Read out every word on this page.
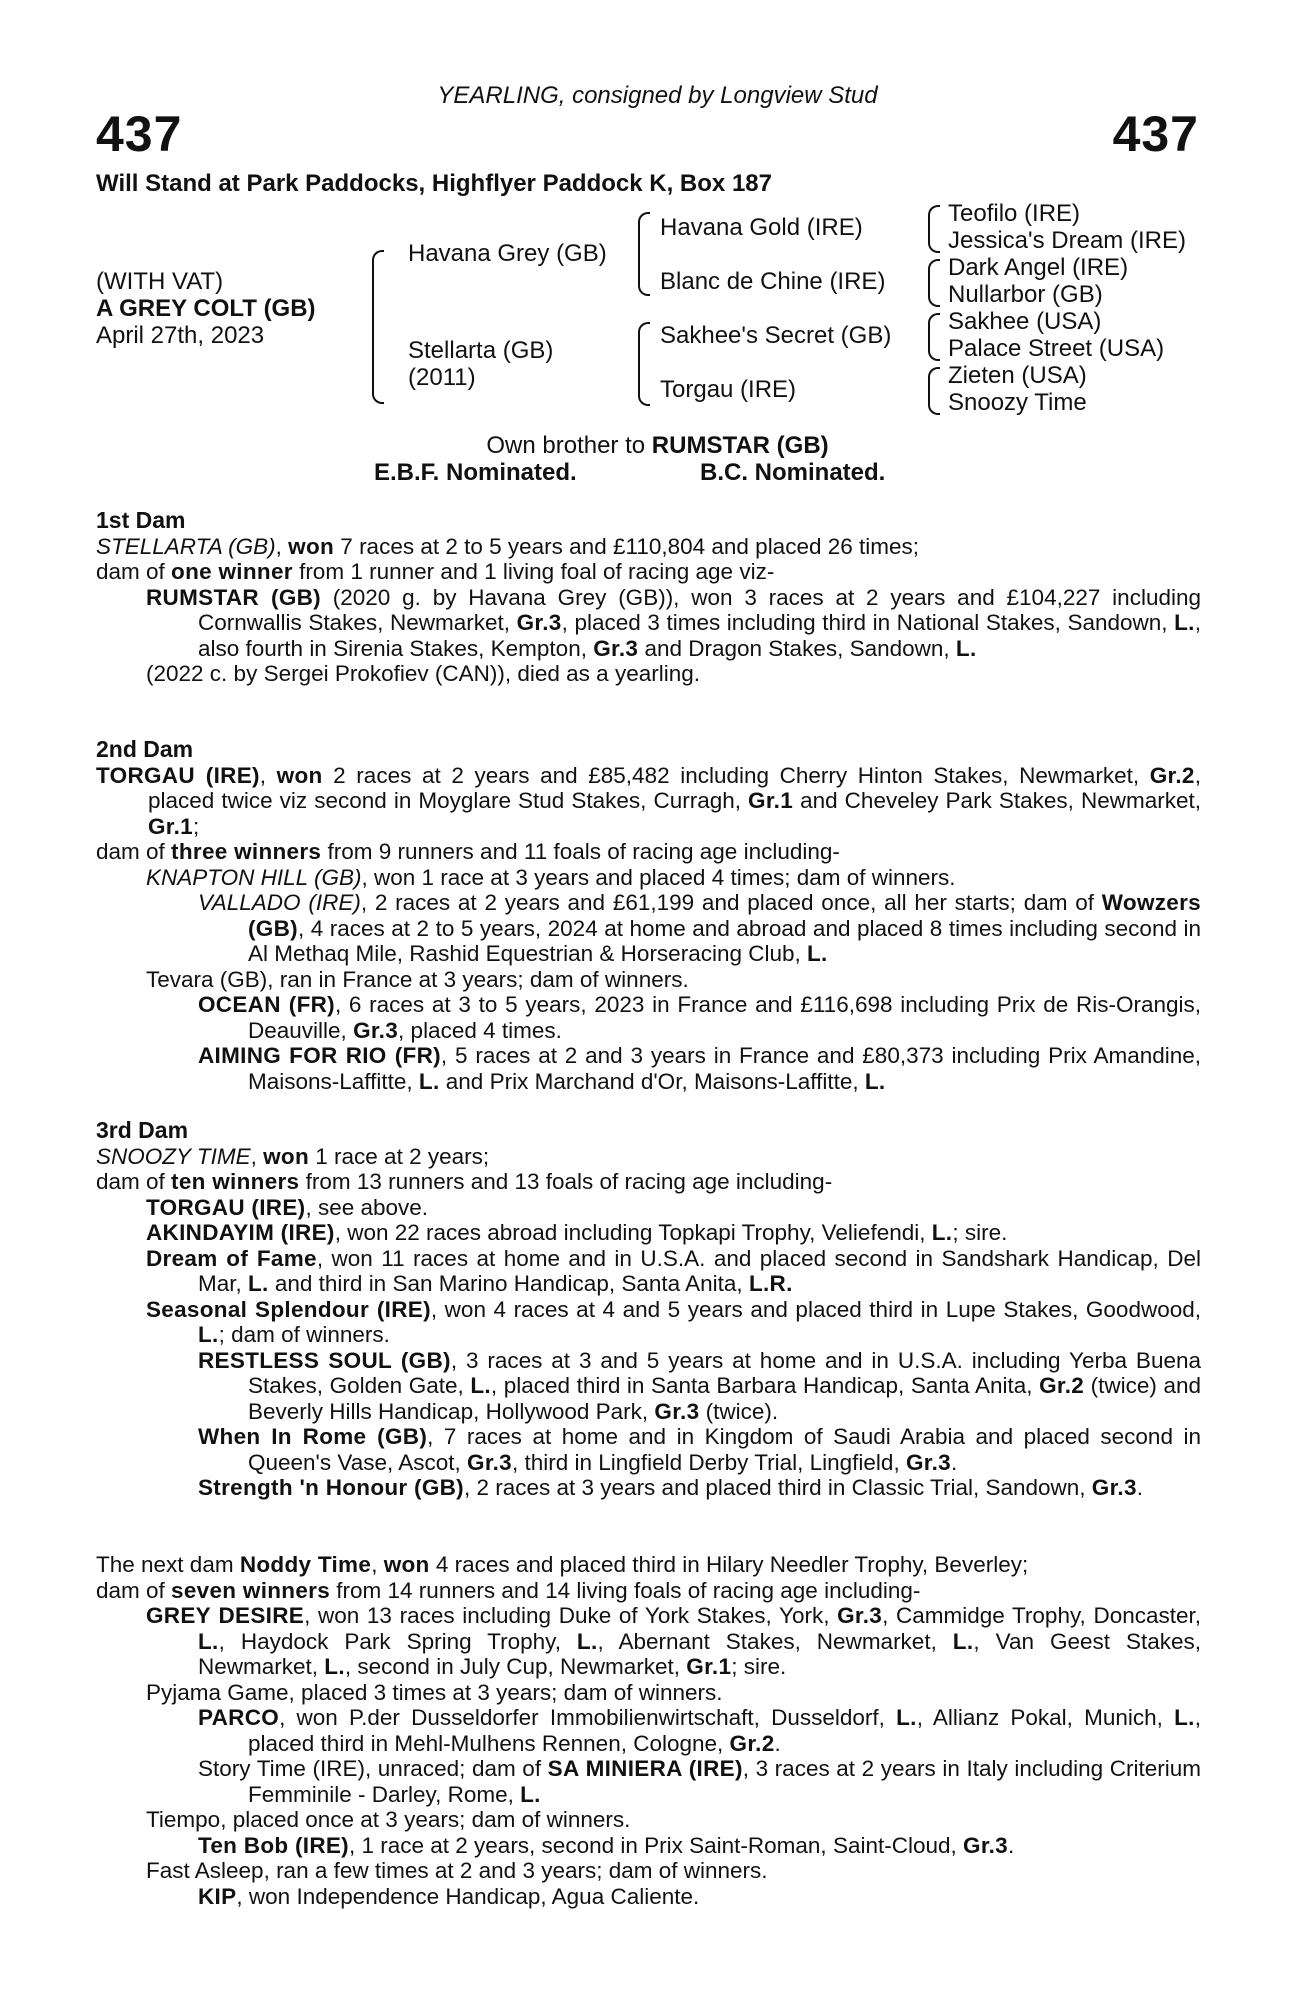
YEARLING, consigned by Longview Stud
437	437
Will Stand at Park Paddocks, Highflyer Paddock K, Box 187
(WITH VAT)
A GREY COLT (GB)
April 27th, 2023
Havana Grey (GB)
Stellarta (GB)
(2011)
Havana Gold (IRE)
Blanc de Chine (IRE)
Sakhee's Secret (GB)
Torgau (IRE)
Teofilo (IRE)
Jessica's Dream (IRE)
Dark Angel (IRE)
Nullarbor (GB)
Sakhee (USA)
Palace Street (USA)
Zieten (USA)
Snoozy Time
Own brother to RUMSTAR (GB)
E.B.F. Nominated.	B.C. Nominated.

1st Dam

STELLARTA (GB), won 7 races at 2 to 5 years and £110,804 and placed 26 times;

dam of one winner from 1 runner and 1 living foal of racing age viz-

RUMSTAR (GB) (2020 g. by Havana Grey (GB)), won 3 races at 2 years and £104,227 including Cornwallis Stakes, Newmarket, Gr.3, placed 3 times including third in National Stakes, Sandown, L., also fourth in Sirenia Stakes, Kempton, Gr.3 and Dragon Stakes, Sandown, L.

(2022 c. by Sergei Prokofiev (CAN)), died as a yearling.

2nd Dam

TORGAU (IRE), won 2 races at 2 years and £85,482 including Cherry Hinton Stakes, Newmarket, Gr.2, placed twice viz second in Moyglare Stud Stakes, Curragh, Gr.1 and Cheveley Park Stakes, Newmarket, Gr.1;

dam of three winners from 9 runners and 11 foals of racing age including-

KNAPTON HILL (GB), won 1 race at 3 years and placed 4 times; dam of winners.

VALLADO (IRE), 2 races at 2 years and £61,199 and placed once, all her starts; dam of Wowzers (GB), 4 races at 2 to 5 years, 2024 at home and abroad and placed 8 times including second in Al Methaq Mile, Rashid Equestrian & Horseracing Club, L.

Tevara (GB), ran in France at 3 years; dam of winners.

OCEAN (FR), 6 races at 3 to 5 years, 2023 in France and £116,698 including Prix de Ris-Orangis, Deauville, Gr.3, placed 4 times.

AIMING FOR RIO (FR), 5 races at 2 and 3 years in France and £80,373 including Prix Amandine, Maisons-Laffitte, L. and Prix Marchand d'Or, Maisons-Laffitte, L.

3rd Dam

SNOOZY TIME, won 1 race at 2 years;

dam of ten winners from 13 runners and 13 foals of racing age including-

TORGAU (IRE), see above.

AKINDAYIM (IRE), won 22 races abroad including Topkapi Trophy, Veliefendi, L.; sire.

Dream of Fame, won 11 races at home and in U.S.A. and placed second in Sandshark Handicap, Del Mar, L. and third in San Marino Handicap, Santa Anita, L.R.

Seasonal Splendour (IRE), won 4 races at 4 and 5 years and placed third in Lupe Stakes, Goodwood, L.; dam of winners.

RESTLESS SOUL (GB), 3 races at 3 and 5 years at home and in U.S.A. including Yerba Buena Stakes, Golden Gate, L., placed third in Santa Barbara Handicap, Santa Anita, Gr.2 (twice) and Beverly Hills Handicap, Hollywood Park, Gr.3 (twice).

When In Rome (GB), 7 races at home and in Kingdom of Saudi Arabia and placed second in Queen's Vase, Ascot, Gr.3, third in Lingfield Derby Trial, Lingfield, Gr.3.

Strength 'n Honour (GB), 2 races at 3 years and placed third in Classic Trial, Sandown, Gr.3.

The next dam Noddy Time, won 4 races and placed third in Hilary Needler Trophy, Beverley;

dam of seven winners from 14 runners and 14 living foals of racing age including-

GREY DESIRE, won 13 races including Duke of York Stakes, York, Gr.3, Cammidge Trophy, Doncaster, L., Haydock Park Spring Trophy, L., Abernant Stakes, Newmarket, L., Van Geest Stakes, Newmarket, L., second in July Cup, Newmarket, Gr.1; sire.

Pyjama Game, placed 3 times at 3 years; dam of winners.

PARCO, won P.der Dusseldorfer Immobilienwirtschaft, Dusseldorf, L., Allianz Pokal, Munich, L., placed third in Mehl-Mulhens Rennen, Cologne, Gr.2.

Story Time (IRE), unraced; dam of SA MINIERA (IRE), 3 races at 2 years in Italy including Criterium Femminile - Darley, Rome, L.

Tiempo, placed once at 3 years; dam of winners.

Ten Bob (IRE), 1 race at 2 years, second in Prix Saint-Roman, Saint-Cloud, Gr.3.

Fast Asleep, ran a few times at 2 and 3 years; dam of winners.

KIP, won Independence Handicap, Agua Caliente.
